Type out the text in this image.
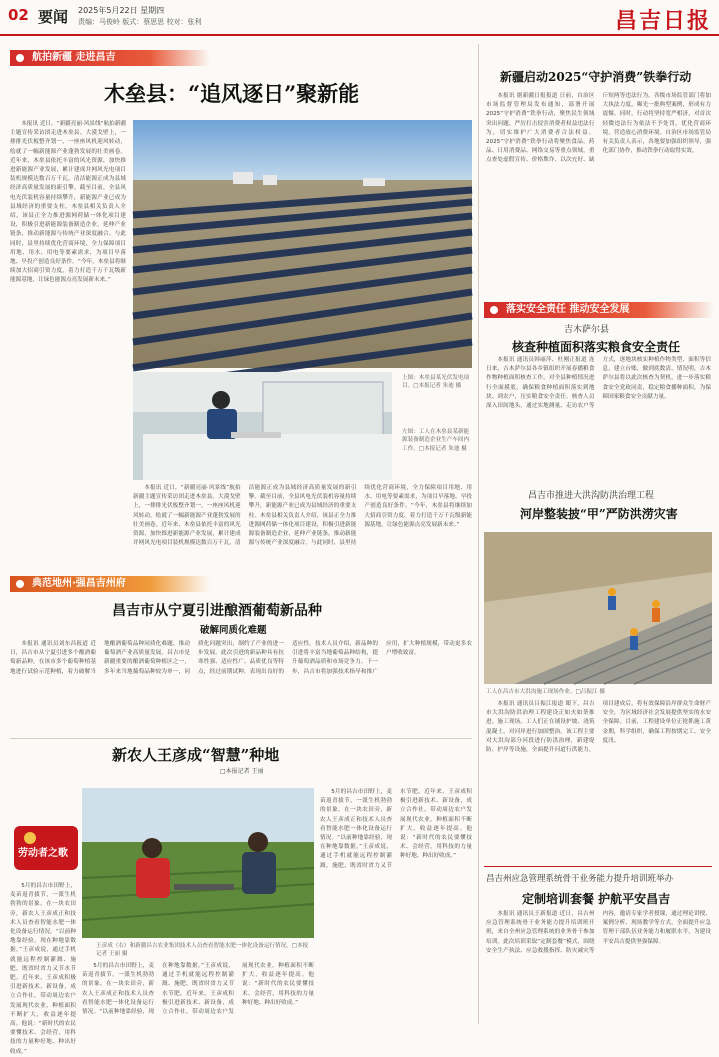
02 要闻 2025年5月22日 星期四
责编：马俊岭 版式：蔡思思 校对：张利	昌吉日报
航拍新疆 走进昌吉
木垒县：“追风逐日”聚新能

本报讯 近日，“新疆亮丽·风景线”航拍新疆主题宣传采访团走进木垒县。大漠戈壁上，一排排光伏板整齐划一，一座座风机迎风转动，绘就了一幅新能源产业蓬勃发展的壮美画卷。近年来，木垒县依托丰富的风光资源，加快推进新能源产业发展，累计建成并网风光电项目装机规模达数百万千瓦，清洁能源正成为县域经济高质量发展的新引擎。截至目前，全县风电光伏装机容量持续攀升，新能源产业已成为县域经济的重要支柱。木垒县相关负责人介绍，该县正全力推进源网荷储一体化项目建设，积极引进新能源装备制造企业，延伸产业链条，推动新能源与传统产业深度融合。与此同时，县里持续优化营商环境，全力保障项目用地、用水、用电等要素需求，为项目早落地、早投产创造良好条件。“今年，木垒县将继续加大招商引资力度，着力打造千万千瓦级新能源基地，让绿色能源点亮发展新未来。”

上图：木垒县某光伏发电项目。□本报记者 朱迪 摄
左图：工人在木垒县某新能源装备制造企业生产车间内工作。□本报记者 朱迪 摄

本报讯 近日，“新疆亮丽·风景线”航拍新疆主题宣传采访团走进木垒县。大漠戈壁上，一排排光伏板整齐划一，一座座风机迎风转动，绘就了一幅新能源产业蓬勃发展的壮美画卷。近年来，木垒县依托丰富的风光资源，加快推进新能源产业发展，累计建成并网风光电项目装机规模达数百万千瓦，清洁能源正成为县域经济高质量发展的新引擎。截至目前，全县风电光伏装机容量持续攀升，新能源产业已成为县域经济的重要支柱。木垒县相关负责人介绍，该县正全力推进源网荷储一体化项目建设，积极引进新能源装备制造企业，延伸产业链条，推动新能源与传统产业深度融合。与此同时，县里持续优化营商环境，全力保障项目用地、用水、用电等要素需求，为项目早落地、早投产创造良好条件。“今年，木垒县将继续加大招商引资力度，着力打造千万千瓦级新能源基地，让绿色能源点亮发展新未来。”

新疆启动2025“守护消费”铁拳行动

本报讯 据新疆日报报道 日前，自治区市场监督管理局发布通知，部署开展2025“守护消费”铁拳行动，聚焦民生领域突出问题，严厉打击侵害消费者权益违法行为，切实维护广大消费者合法权益。2025“守护消费”铁拳行动将聚焦食品、药品、日用消费品、网络交易等重点领域，重点查处虚假宣传、价格欺诈、以次充好、缺斤短两等违法行为。各级市场监管部门将加大执法力度，曝光一批典型案例，形成有力震慑。同时，行动将坚持宽严相济，对首次轻微违法行为依法不予处罚，优化营商环境，营造放心消费环境。自治区市场监管局有关负责人表示，各地要加强组织领导，强化部门协作，推动铁拳行动取得实效。

落实安全责任 推动安全发展
吉木萨尔县
核查种植面积落实粮食安全责任

本报讯 通讯员韩丽萍、杜刚正报道 连日来，吉木萨尔县各乡镇组织开展春播粮食作物种植面积核查工作，对全县种植情况进行全面摸底，确保粮食种植面积落实到地块、到农户，压实粮食安全责任。核查人员深入田间地头，通过实地测量、走访农户等方式，逐地块核实种植作物类型、面积等信息，建立台账，做到底数清、情况明。吉木萨尔县将以此次核查为契机，进一步落实粮食安全党政同责，稳定粮食播种面积，为保障国家粮食安全贡献力量。

昌吉市推进大洪沟防洪治理工程
河岸整装披“甲”严防洪涝灾害
工人在昌吉市大洪沟施工现场作业。□吕振江 摄

本报讯 通讯员吕振江报道 眼下，昌吉市大洪沟防洪治理工程建设正如火如荼推进。施工现场，工人们正在铺设护坡、浇筑混凝土，对河岸进行加固整治。该工程主要对大洪沟部分河段进行防洪治理，新建堤防、护岸等设施，全面提升河道行洪能力。项目建成后，将有效保障沿岸群众生命财产安全，为区域经济社会发展提供坚实的水安全保障。目前，工程建设单位正抢抓施工黄金期，科学组织，确保工程按期完工、安全度汛。

昌吉州应急管理系统骨干业务能力提升培训班举办
定制培训套餐 护航平安昌吉

本报讯 通讯员王新报道 近日，昌吉州应急管理系统骨干业务能力提升培训班开班，来自全州应急管理系统的业务骨干参加培训。此次培训采取“定制套餐”模式，围绕安全生产执法、应急救援指挥、防灾减灾等内容，邀请专家学者授课，通过理论讲授、案例分析、现场教学等方式，全面提升应急管理干部队伍业务能力和履职水平，为建设平安昌吉提供坚强保障。

典范地州·强昌吉州府
昌吉市从宁夏引进酿酒葡萄新品种
破解同质化难题

本报讯 通讯员刘东昌报道 近日，昌吉市从宁夏引进多个酿酒葡萄新品种，在该市多个葡萄种植基地进行试验示范种植，着力破解当地酿酒葡萄品种同质化难题，推动葡萄酒产业高质量发展。昌吉市是新疆重要的酿酒葡萄种植区之一，多年来当地葡萄品种较为单一，同质化问题突出，制约了产业的进一步发展。此次引进的新品种具有抗寒性强、适应性广、品质优良等特点，经过前期试种，表现出良好的适应性。技术人员介绍，新品种的引进将丰富当地葡萄品种结构，提升葡萄酒品质和市场竞争力。下一步，昌吉市将加强技术指导和推广应用，扩大种植规模，带动更多农户增收致富。

新农人王彦成“智慧”种地
□本报记者 王丽
劳动者之歌

5月的昌吉市田野上，麦苗返青拔节，一派生机勃勃的景象。在一块农田旁，新农人王彦成正和技术人员查看智能水肥一体化设备运行情况。“以前种地靠经验，现在种地靠数据。”王彦成说，通过手机就能远程控制灌溉、施肥，既省时省力又节水节肥。近年来，王彦成积极引进新技术、新设备，成立合作社，带动周边农户发展现代农业，种植面积不断扩大，收益逐年提高。他说：“新时代的农民要懂技术、会经营，用科技的力量种好地、种出好收成。”

王彦成（右）和新疆昌吉农业集团技术人员查看智能水肥一体化设备运行情况。□本报记者 王丽 摄

5月的昌吉市田野上，麦苗返青拔节，一派生机勃勃的景象。在一块农田旁，新农人王彦成正和技术人员查看智能水肥一体化设备运行情况。“以前种地靠经验，现在种地靠数据。”王彦成说，通过手机就能远程控制灌溉、施肥，既省时省力又节水节肥。近年来，王彦成积极引进新技术、新设备，成立合作社，带动周边农户发展现代农业，种植面积不断扩大，收益逐年提高。他说：“新时代的农民要懂技术、会经营，用科技的力量种好地、种出好收成。”

5月的昌吉市田野上，麦苗返青拔节，一派生机勃勃的景象。在一块农田旁，新农人王彦成正和技术人员查看智能水肥一体化设备运行情况。“以前种地靠经验，现在种地靠数据。”王彦成说，通过手机就能远程控制灌溉、施肥，既省时省力又节水节肥。近年来，王彦成积极引进新技术、新设备，成立合作社，带动周边农户发展现代农业，种植面积不断扩大，收益逐年提高。他说：“新时代的农民要懂技术、会经营，用科技的力量种好地、种出好收成。”
